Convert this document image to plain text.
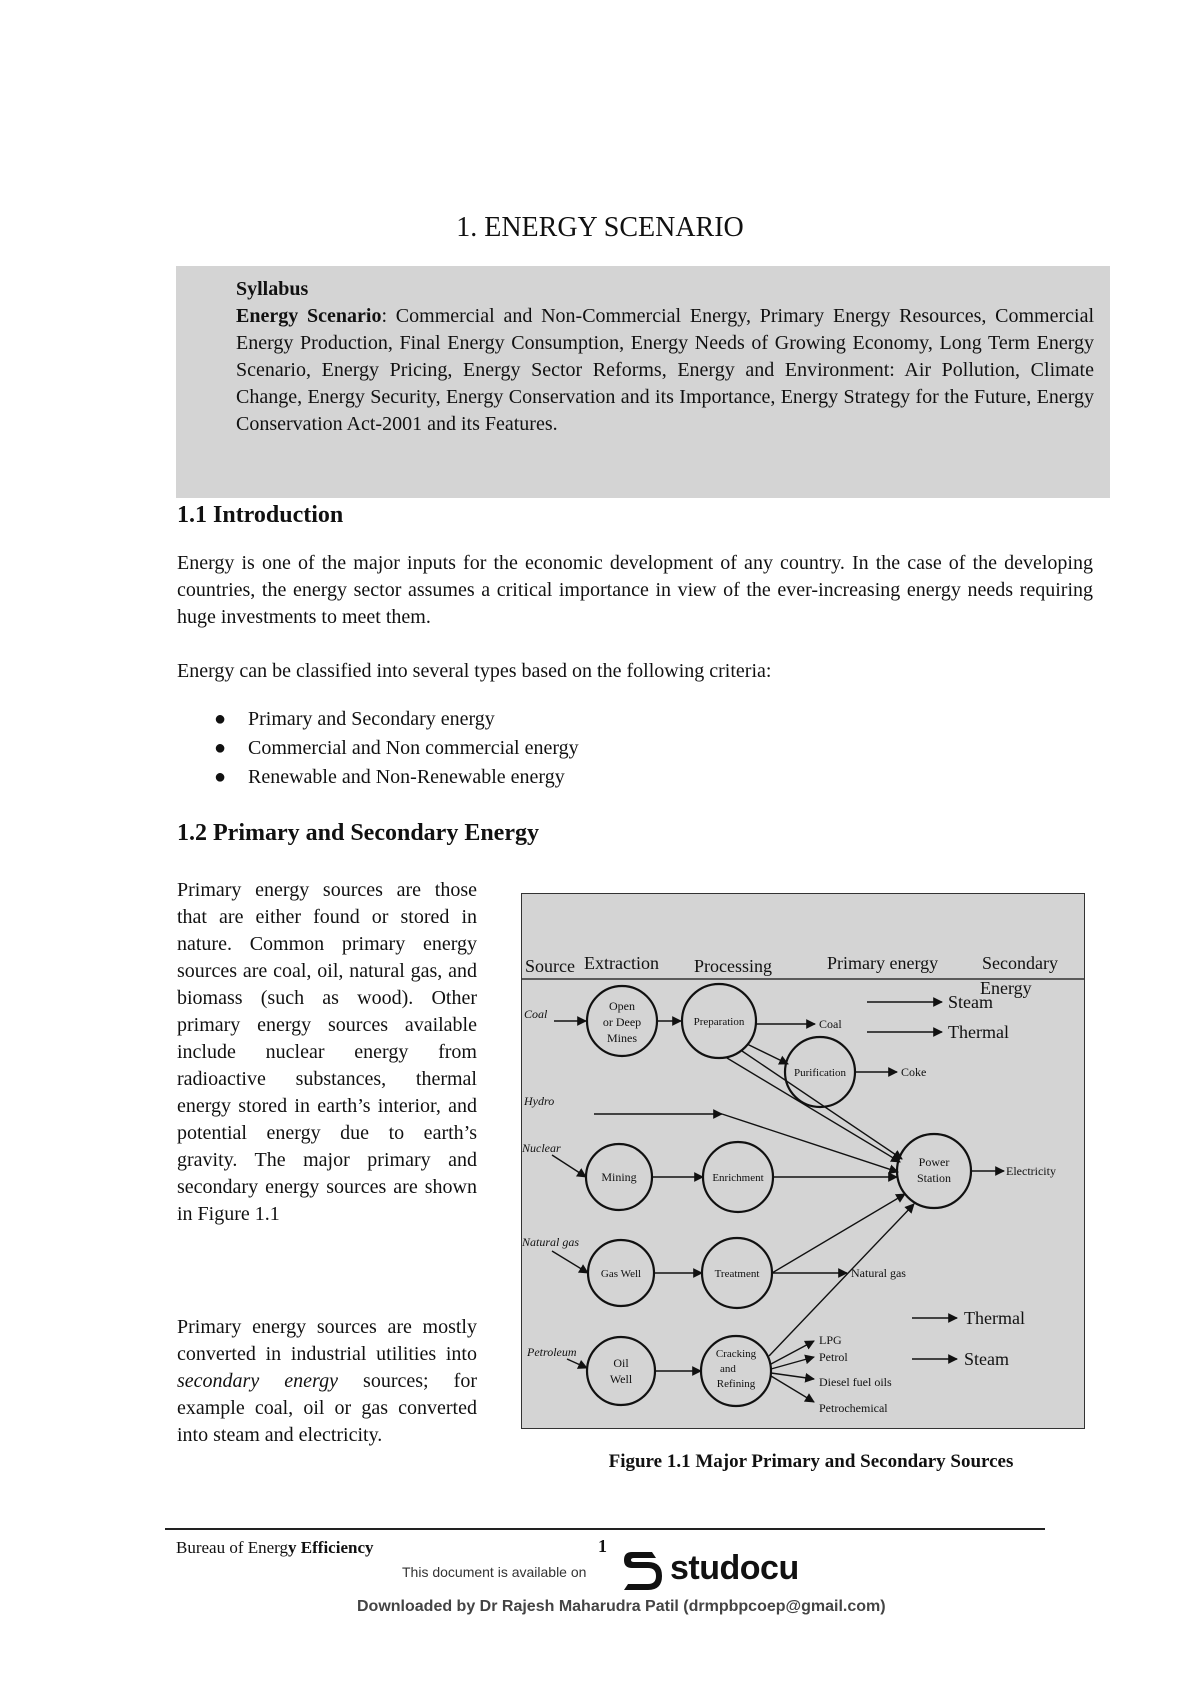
1. ENERGY SCENARIO
Syllabus
Energy Scenario: Commercial and Non-Commercial Energy, Primary Energy Resources, Commercial Energy Production, Final Energy Consumption, Energy Needs of Growing Economy, Long Term Energy Scenario, Energy Pricing, Energy Sector Reforms, Energy and Environment: Air Pollution, Climate Change, Energy Security, Energy Conservation and its Importance, Energy Strategy for the Future, Energy Conservation Act-2001 and its Features.
1.1 Introduction
Energy is one of the major inputs for the economic development of any country. In the case of the developing countries, the energy sector assumes a critical importance in view of the ever-increasing energy needs requiring huge investments to meet them.
Energy can be classified into several types based on the following criteria:
● Primary and Secondary energy
● Commercial and Non commercial energy
● Renewable and Non-Renewable energy
1.2 Primary and Secondary Energy
Primary energy sources are those that are either found or stored in nature. Common primary energy sources are coal, oil, natural gas, and biomass (such as wood). Other primary energy sources available include nuclear energy from radioactive substances, thermal energy stored in earth’s interior, and potential energy due to earth’s gravity. The major primary and secondary energy sources are shown in Figure 1.1
Primary energy sources are mostly converted in industrial utilities into secondary energy sources; for example coal, oil or gas converted into steam and electricity.
Source Extraction Processing	Primary energy Secondary
Energy
Coal
Hydro
Nuclear
Natural gas
Petroleum
Open
or Deep
Mines
Preparation
Purification
Mining	Enrichment
Gas Well	Treatment
Oil
Well
Cracking
and
Refining
Power
Station
Coal
Coke
Electricity
Natural gas
LPG
Petrol
Diesel fuel oils
Petrochemical
Steam
Thermal
Thermal
Steam
Figure 1.1 Major Primary and Secondary Sources
Bureau of Energy Efficiency	1
This document is available on studocu
Downloaded by Dr Rajesh Maharudra Patil (drmpbpcoep@gmail.com)
